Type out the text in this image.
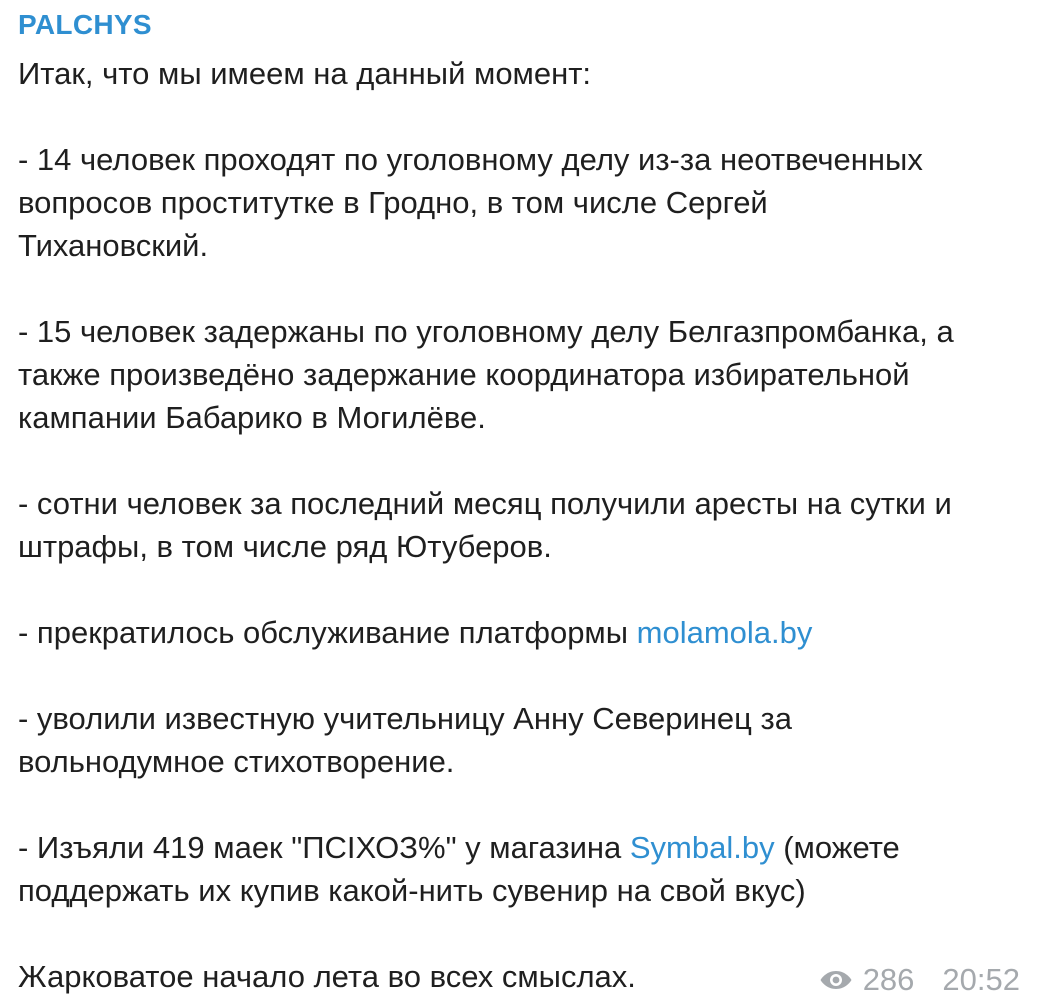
PALCHYS

Итак, что мы имеем на данный момент:

- 14 человек проходят по уголовному делу из-за неотвеченных

вопросов проститутке в Гродно, в том числе Сергей

Тихановский.

- 15 человек задержаны по уголовному делу Белгазпромбанка, а

также произведёно задержание координатора избирательной

кампании Бабарико в Могилёве.

- сотни человек за последний месяц получили аресты на сутки и

штрафы, в том числе ряд Ютуберов.

- прекратилось обслуживание платформы molamola.by

- уволили известную учительницу Анну Северинец за

вольнодумное стихотворение.

- Изъяли 419 маек "ПСІХОЗ%" у магазина Symbal.by (можете

поддержать их купив какой-нить сувенир на свой вкус)

Жарковатое начало лета во всех смыслах.	286 20:52
